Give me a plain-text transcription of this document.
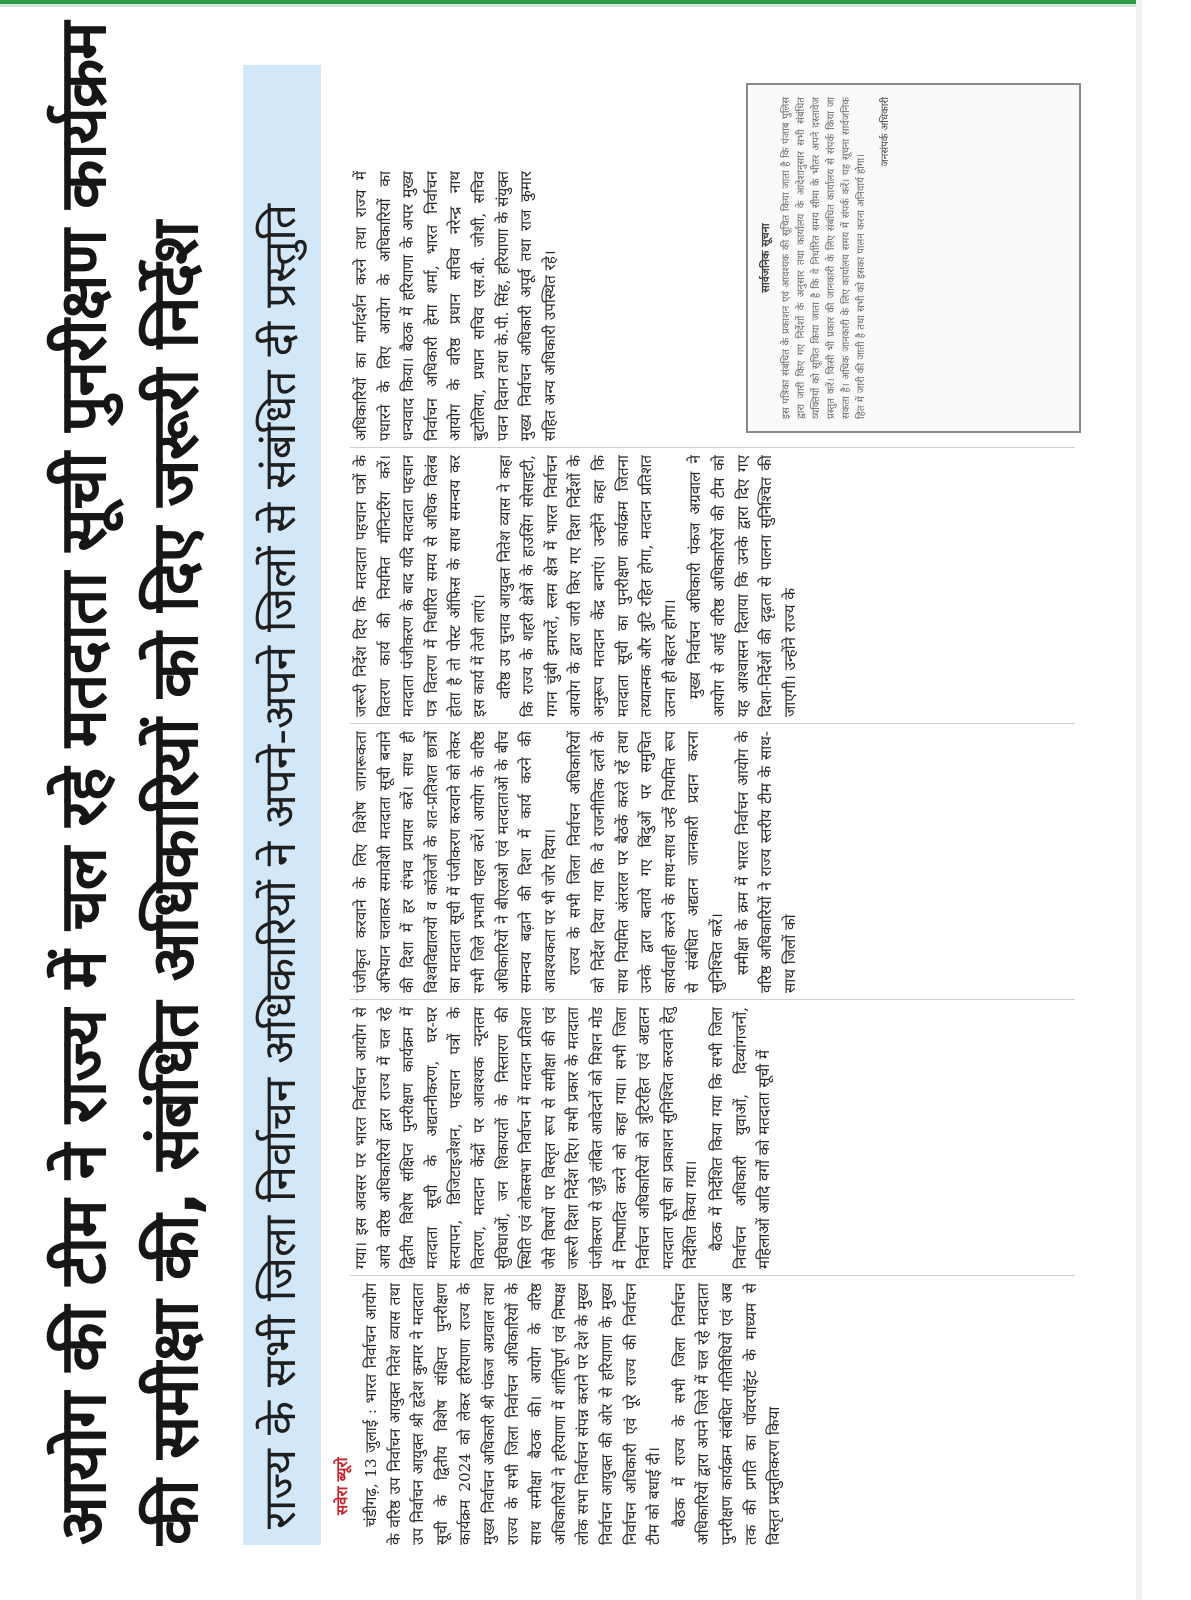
आयोग की टीम ने राज्य में चल रहे मतदाता सूची पुनरीक्षण कार्यक्रम की समीक्षा की, संबंधित अधिकारियों को दिए जरूरी निर्देश राज्य के सभी जिला निर्वाचन अधिकारियों ने अपने-अपने जिलों से संबंधित दी प्रस्तुति	सवेरा ब्यूरो चंडीगढ़, 13 जुलाई : भारत निर्वाचन आयोग के वरिष्ठ उप निर्वाचन आयुक्त नितेश व्यास तथा उप निर्वाचन आयुक्त श्री हृदेश कुमार ने मतदाता सूची के द्वितीय विशेष संक्षिप्त पुनरीक्षण कार्यक्रम 2024 को लेकर हरियाणा राज्य के मुख्य निर्वाचन अधिकारी श्री पंकज अग्रवाल तथा राज्य के सभी जिला निर्वाचन अधिकारियों के साथ समीक्षा बैठक की। आयोग के वरिष्ठ अधिकारियों ने हरियाणा में शांतिपूर्ण एवं निष्पक्ष लोक सभा निर्वाचन संपन्न कराने पर देश के मुख्य निर्वाचन आयुक्त की ओर से हरियाणा के मुख्य निर्वाचन अधिकारी एवं पूरे राज्य की निर्वाचन टीम को बधाई दी। बैठक में राज्य के सभी जिला निर्वाचन अधिकारियों द्वारा अपने जिले में चल रहे मतदाता पुनरीक्षण कार्यक्रम संबंधित गतिविधियों एवं अब तक की प्रगति का पॉवरपॉइंट के माध्यम से विस्तृत प्रस्तुतिकरण किया

गया। इस अवसर पर भारत निर्वाचन आयोग से आये वरिष्ठ अधिकारियों द्वारा राज्य में चल रहे द्वितीय विशेष संक्षिप्त पुनरीक्षण कार्यक्रम में मतदाता सूची के अद्यतनीकरण, घर-घर सत्यापन, डिजिटाइजेशन, पहचान पत्रों के वितरण, मतदान केंद्रों पर आवश्यक न्यूनतम सुविधाओं, जन शिकायतों के निस्तारण की स्थिति एवं लोकसभा निर्वाचन में मतदान प्रतिशत जैसे विषयों पर विस्तृत रूप से समीक्षा की एवं जरूरी दिशा निर्देश दिए। सभी प्रकार के मतदाता पंजीकरण से जुड़े लंबित आवेदनों को मिशन मोड में निष्पादित करने को कहा गया। सभी जिला निर्वाचन अधिकारियों को त्रुटिरहित एवं अद्यतन मतदाता सूची का प्रकाशन सुनिश्चित करवाने हेतु निर्देशित किया गया। बैठक में निर्देशित किया गया कि सभी जिला निर्वाचन अधिकारी युवाओं, दिव्यांगजनों, महिलाओं आदि वर्गों को मतदाता सूची में

पंजीकृत करवाने के लिए विशेष जागरूकता अभियान चलाकर समावेशी मतदाता सूची बनाने की दिशा में हर संभव प्रयास करें। साथ ही विश्वविद्यालयों व कॉलेजों के शत-प्रतिशत छात्रों का मतदाता सूची में पंजीकरण करवाने को लेकर सभी जिले प्रभावी पहल करें। आयोग के वरिष्ठ अधिकारियों ने बीएलओ एवं मतदाताओं के बीच समन्वय बढ़ाने की दिशा में कार्य करने की आवश्यकता पर भी जोर दिया। राज्य के सभी जिला निर्वाचन अधिकारियों को निर्देश दिया गया कि वे राजनीतिक दलों के साथ नियमित अंतराल पर बैठकें करते रहें तथा उनके द्वारा बताये गए बिंदुओं पर समुचित कार्यवाही करने के साथ-साथ उन्हें नियमित रूप से संबंधित अद्यतन जानकारी प्रदान करना सुनिश्चित करें। समीक्षा के क्रम में भारत निर्वाचन आयोग के वरिष्ठ अधिकारियों ने राज्य स्तरीय टीम के साथ-साथ जिलों को

जरूरी निर्देश दिए कि मतदाता पहचान पत्रों के वितरण कार्य की नियमित मॉनिटरिंग करें। मतदाता पंजीकरण के बाद यदि मतदाता पहचान पत्र वितरण में निर्धारित समय से अधिक विलंब होता है तो पोस्ट ऑफिस के साथ समन्वय कर इस कार्य में तेजी लाएं। वरिष्ठ उप चुनाव आयुक्त नितेश व्यास ने कहा कि राज्य के शहरी क्षेत्रों के हाउसिंग सोसाइटी, गगन चुंबी इमारतें, स्लम क्षेत्र में भारत निर्वाचन आयोग के द्वारा जारी किए गए दिशा निर्देशों के अनुरूप मतदान केंद्र बनाएं। उन्होंने कहा कि मतदाता सूची का पुनरीक्षण कार्यक्रम जितना तथ्यात्मक और त्रुटि रहित होगा, मतदान प्रतिशत उतना ही बेहतर होगा। मुख्य निर्वाचन अधिकारी पंकज अग्रवाल ने आयोग से आई वरिष्ठ अधिकारियों की टीम को यह आश्वासन दिलाया कि उनके द्वारा दिए गए दिशा-निर्देशों की दृढ़ता से पालना सुनिश्चित की जाएगी। उन्होंने राज्य के

अधिकारियों का मार्गदर्शन करने तथा राज्य में पधारने के लिए आयोग के अधिकारियों का धन्यवाद किया। बैठक में हरियाणा के अपर मुख्य निर्वाचन अधिकारी हेमा शर्मा, भारत निर्वाचन आयोग के वरिष्ठ प्रधान सचिव नरेन्द्र नाथ बुटोलिया, प्रधान सचिव एस.बी. जोशी, सचिव पवन दिवान तथा के.पी. सिंह, हरियाणा के संयुक्त मुख्य निर्वाचन अधिकारी अपूर्व तथा राज कुमार सहित अन्य अधिकारी उपस्थित रहे।	सार्वजनिक सूचना इस पत्रिका संबंधित के प्रकाशन एवं आवश्यक की सूचित किया जाता है कि पंजाब पुलिस द्वारा जारी किए गए निर्देशों के अनुसार तथा कार्यालय के आदेशानुसार सभी संबंधित व्यक्तियों को सूचित किया जाता है कि वे निर्धारित समय सीमा के भीतर अपने दस्तावेज प्रस्तुत करें। किसी भी प्रकार की जानकारी के लिए संबंधित कार्यालय से संपर्क किया जा सकता है। अधिक जानकारी के लिए कार्यालय समय में संपर्क करें। यह सूचना सार्वजनिक हित में जारी की जाती है तथा सभी को इसका पालन करना अनिवार्य होगा।
जनसंपर्क अधिकारी
